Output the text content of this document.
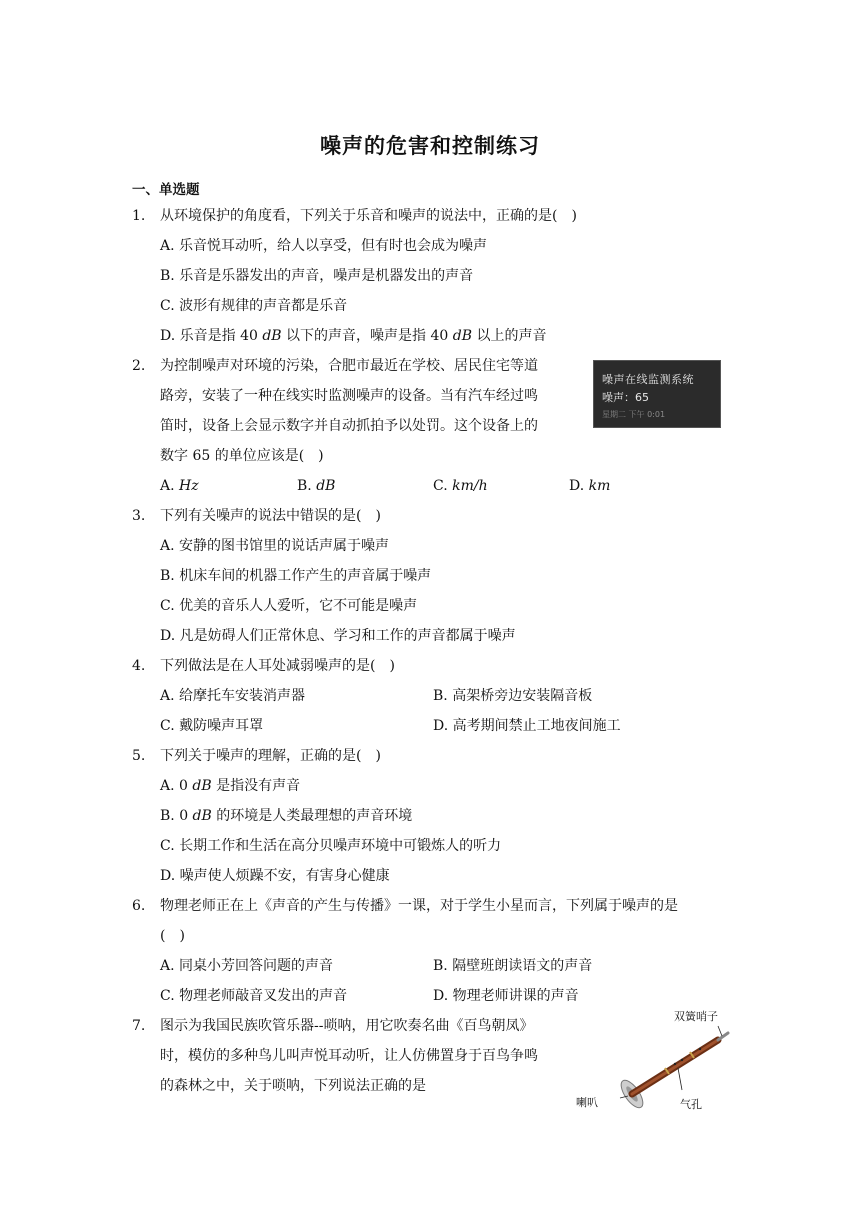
噪声的危害和控制练习
一、单选题
1. 从环境保护的角度看，下列关于乐音和噪声的说法中，正确的是(　)
A. 乐音悦耳动听，给人以享受，但有时也会成为噪声
B. 乐音是乐器发出的声音，噪声是机器发出的声音
C. 波形有规律的声音都是乐音
D. 乐音是指 40 dB 以下的声音，噪声是指 40 dB 以上的声音
2. 为控制噪声对环境的污染，合肥市最近在学校、居民住宅等道
路旁，安装了一种在线实时监测噪声的设备。当有汽车经过鸣
笛时，设备上会显示数字并自动抓拍予以处罚。这个设备上的
数字 65 的单位应该是(　)
A. Hz	B. dB	C. km/h	D. km
噪声在线监测系统
噪声：65
星期二 下午 0:01
3. 下列有关噪声的说法中错误的是(　)
A. 安静的图书馆里的说话声属于噪声
B. 机床车间的机器工作产生的声音属于噪声
C. 优美的音乐人人爱听，它不可能是噪声
D. 凡是妨碍人们正常休息、学习和工作的声音都属于噪声
4. 下列做法是在人耳处减弱噪声的是(　)
A. 给摩托车安装消声器	B. 高架桥旁边安装隔音板
C. 戴防噪声耳罩	D. 高考期间禁止工地夜间施工
5. 下列关于噪声的理解，正确的是(　)
A. 0 dB 是指没有声音
B. 0 dB 的环境是人类最理想的声音环境
C. 长期工作和生活在高分贝噪声环境中可锻炼人的听力
D. 噪声使人烦躁不安，有害身心健康
6. 物理老师正在上《声音的产生与传播》一课，对于学生小星而言，下列属于噪声的是
(　)
A. 同桌小芳回答问题的声音	B. 隔壁班朗读语文的声音
C. 物理老师敲音叉发出的声音	D. 物理老师讲课的声音
7. 图示为我国民族吹管乐器--唢呐，用它吹奏名曲《百鸟朝凤》
时，模仿的多种鸟儿叫声悦耳动听，让人仿佛置身于百鸟争鸣
的森林之中，关于唢呐，下列说法正确的是
双簧哨子
喇叭	气孔
